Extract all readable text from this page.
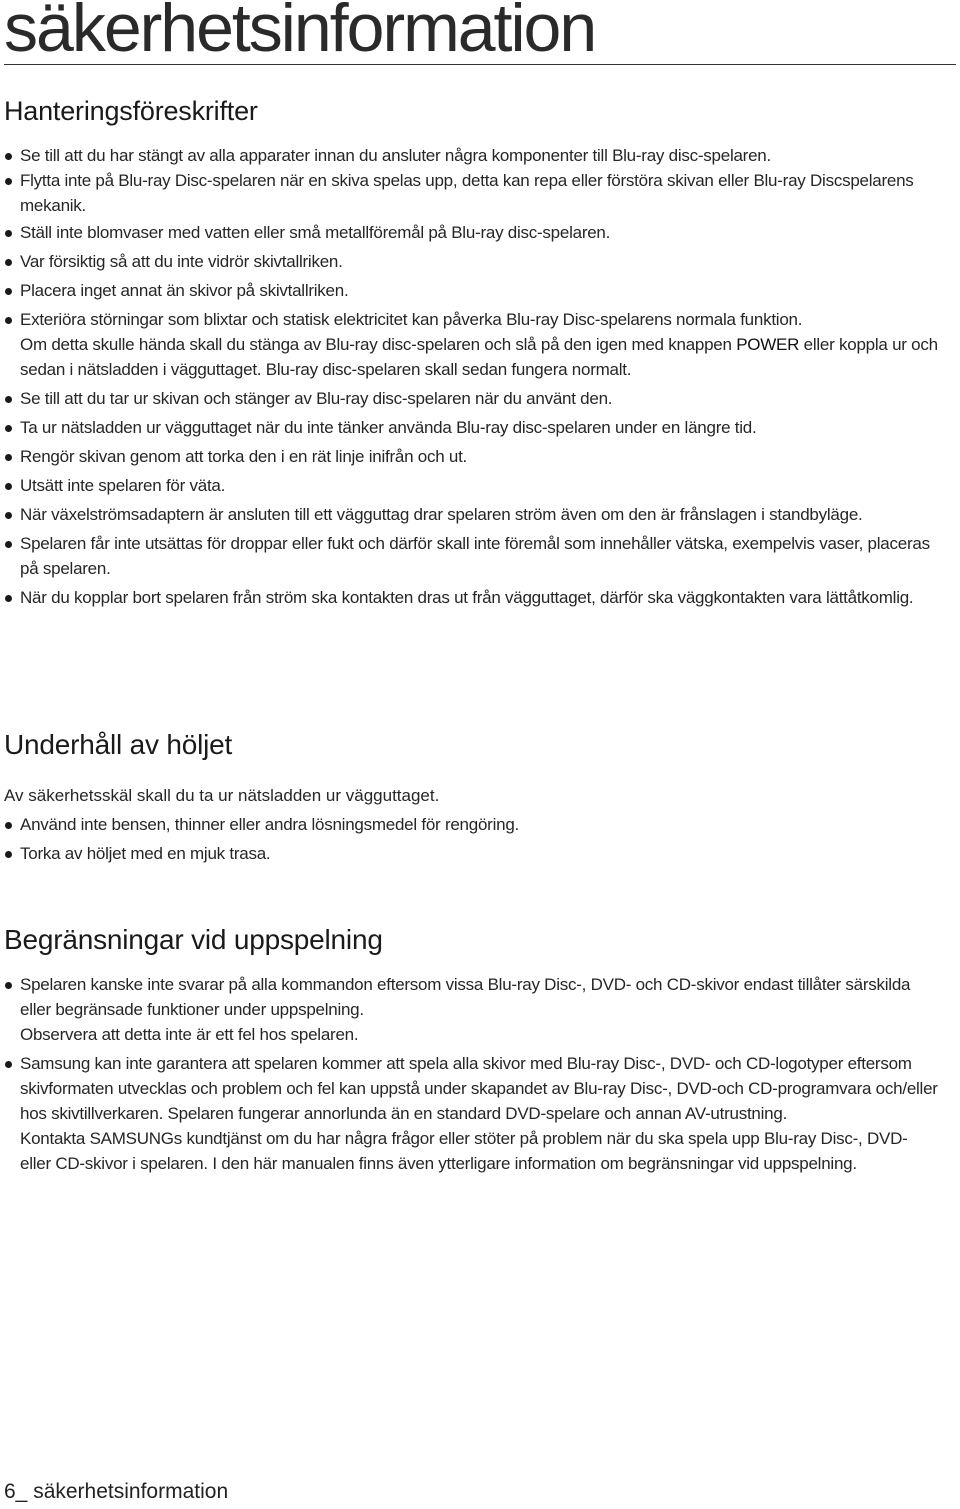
säkerhetsinformation
Hanteringsföreskrifter
Se till att du har stängt av alla apparater innan du ansluter några komponenter till Blu-ray disc-spelaren.
Flytta inte på Blu-ray Disc-spelaren när en skiva spelas upp, detta kan repa eller förstöra skivan eller Blu-ray Discspelarens mekanik.
Ställ inte blomvaser med vatten eller små metallföremål på Blu-ray disc-spelaren.
Var försiktig så att du inte vidrör skivtallriken.
Placera inget annat än skivor på skivtallriken.
Exteriöra störningar som blixtar och statisk elektricitet kan påverka Blu-ray Disc-spelarens normala funktion.
Om detta skulle hända skall du stänga av Blu-ray disc-spelaren och slå på den igen med knappen POWER eller koppla ur och sedan i nätsladden i vägguttaget. Blu-ray disc-spelaren skall sedan fungera normalt.
Se till att du tar ur skivan och stänger av Blu-ray disc-spelaren när du använt den.
Ta ur nätsladden ur vägguttaget när du inte tänker använda Blu-ray disc-spelaren under en längre tid.
Rengör skivan genom att torka den i en rät linje inifrån och ut.
Utsätt inte spelaren för väta.
När växelströmsadaptern är ansluten till ett vägguttag drar spelaren ström även om den är frånslagen i standbyläge.
Spelaren får inte utsättas för droppar eller fukt och därför skall inte föremål som innehåller vätska, exempelvis vaser, placeras på spelaren.
När du kopplar bort spelaren från ström ska kontakten dras ut från vägguttaget, därför ska väggkontakten vara lättåtkomlig.
Underhåll av höljet

Av säkerhetsskäl skall du ta ur nätsladden ur vägguttaget.

Använd inte bensen, thinner eller andra lösningsmedel för rengöring.
Torka av höljet med en mjuk trasa.
Begränsningar vid uppspelning
Spelaren kanske inte svarar på alla kommandon eftersom vissa Blu-ray Disc-, DVD- och CD-skivor endast tillåter särskilda eller begränsade funktioner under uppspelning.
Observera att detta inte är ett fel hos spelaren.
Samsung kan inte garantera att spelaren kommer att spela alla skivor med Blu-ray Disc-, DVD- och CD-logotyper eftersom skivformaten utvecklas och problem och fel kan uppstå under skapandet av Blu-ray Disc-, DVD-och CD-programvara och/eller hos skivtillverkaren. Spelaren fungerar annorlunda än en standard DVD-spelare och annan AV-utrustning.
Kontakta SAMSUNGs kundtjänst om du har några frågor eller stöter på problem när du ska spela upp Blu-ray Disc-, DVD- eller CD-skivor i spelaren. I den här manualen finns även ytterligare information om begränsningar vid uppspelning.
6_ säkerhetsinformation
